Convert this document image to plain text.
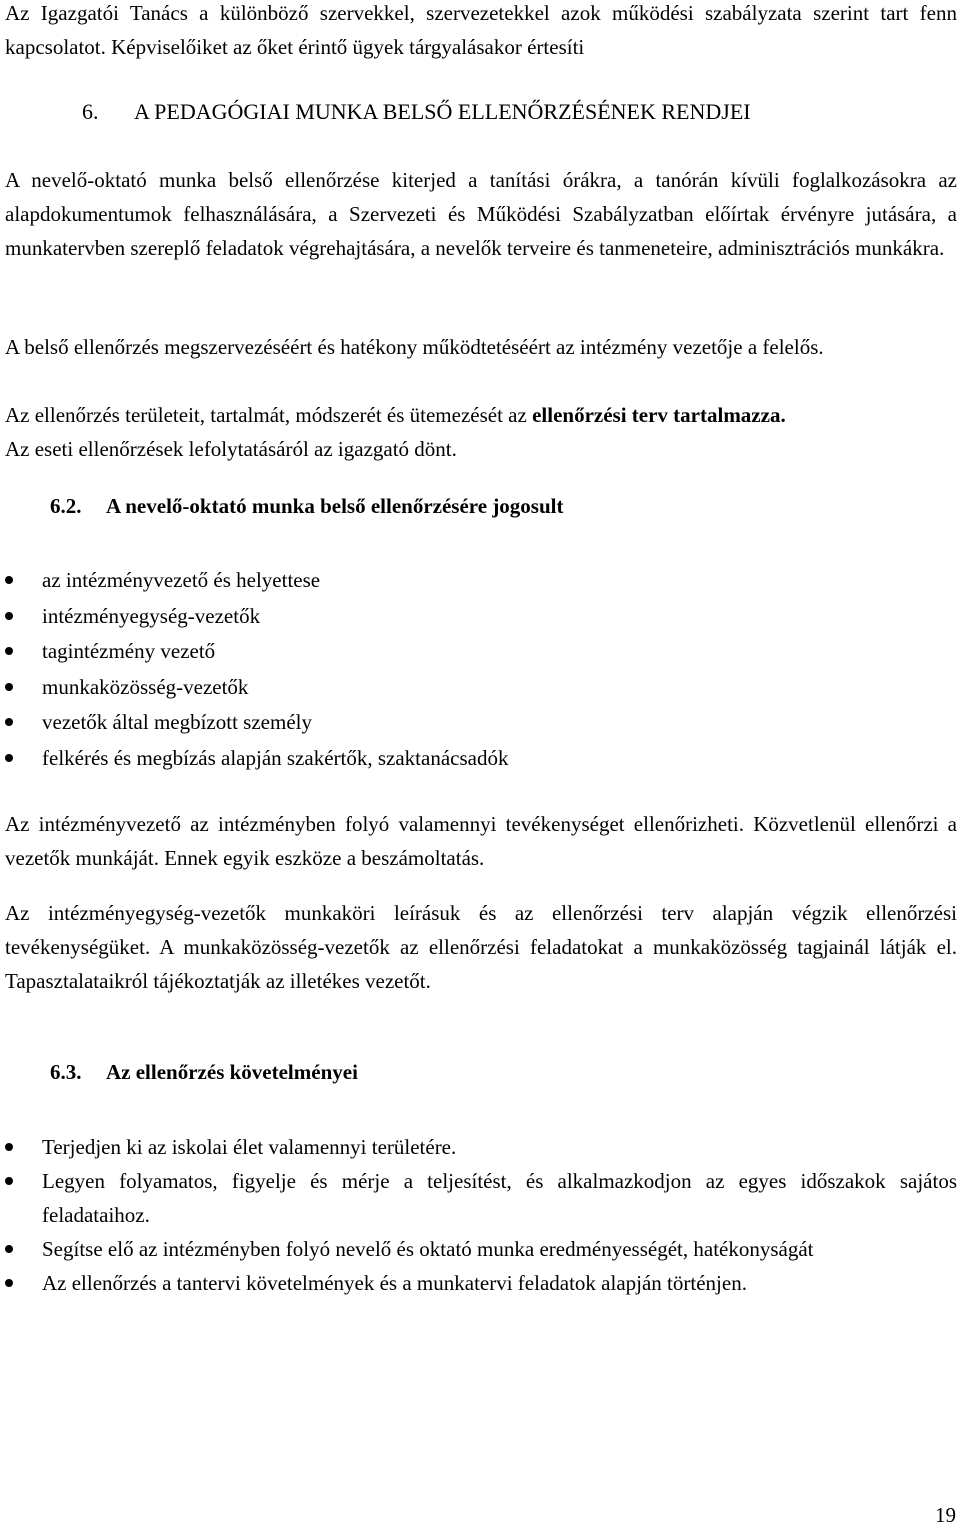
Az Igazgatói Tanács a különböző szervekkel, szervezetekkel azok működési szabályzata szerint tart fenn kapcsolatot. Képviselőiket az őket érintő ügyek tárgyalásakor értesíti

6. A PEDAGÓGIAI MUNKA BELSŐ ELLENŐRZÉSÉNEK RENDJEI

A nevelő-oktató munka belső ellenőrzése kiterjed a tanítási órákra, a tanórán kívüli foglalkozásokra az alapdokumentumok felhasználására, a Szervezeti és Működési Szabályzatban előírtak érvényre jutására, a munkatervben szereplő feladatok végrehajtására, a nevelők terveire és tanmeneteire, adminisztrációs munkákra.

A belső ellenőrzés megszervezéséért és hatékony működtetéséért az intézmény vezetője a felelős.

Az ellenőrzés területeit, tartalmát, módszerét és ütemezését az ellenőrzési terv tartalmazza.

Az eseti ellenőrzések lefolytatásáról az igazgató dönt.

6.2. A nevelő-oktató munka belső ellenőrzésére jogosult
az intézményvezető és helyettese
intézményegység-vezetők
tagintézmény vezető
munkaközösség-vezetők
vezetők által megbízott személy
felkérés és megbízás alapján szakértők, szaktanácsadók

Az intézményvezető az intézményben folyó valamennyi tevékenységet ellenőrizheti. Közvetlenül ellenőrzi a vezetők munkáját. Ennek egyik eszköze a beszámoltatás.

Az intézményegység-vezetők munkaköri leírásuk és az ellenőrzési terv alapján végzik ellenőrzési tevékenységüket. A munkaközösség-vezetők az ellenőrzési feladatokat a munkaközösség tagjainál látják el. Tapasztalataikról tájékoztatják az illetékes vezetőt.

6.3. Az ellenőrzés követelményei
Terjedjen ki az iskolai élet valamennyi területére.
Legyen folyamatos, figyelje és mérje a teljesítést, és alkalmazkodjon az egyes időszakok sajátos feladataihoz.
Segítse elő az intézményben folyó nevelő és oktató munka eredményességét, hatékonyságát
Az ellenőrzés a tantervi követelmények és a munkatervi feladatok alapján történjen.
19
